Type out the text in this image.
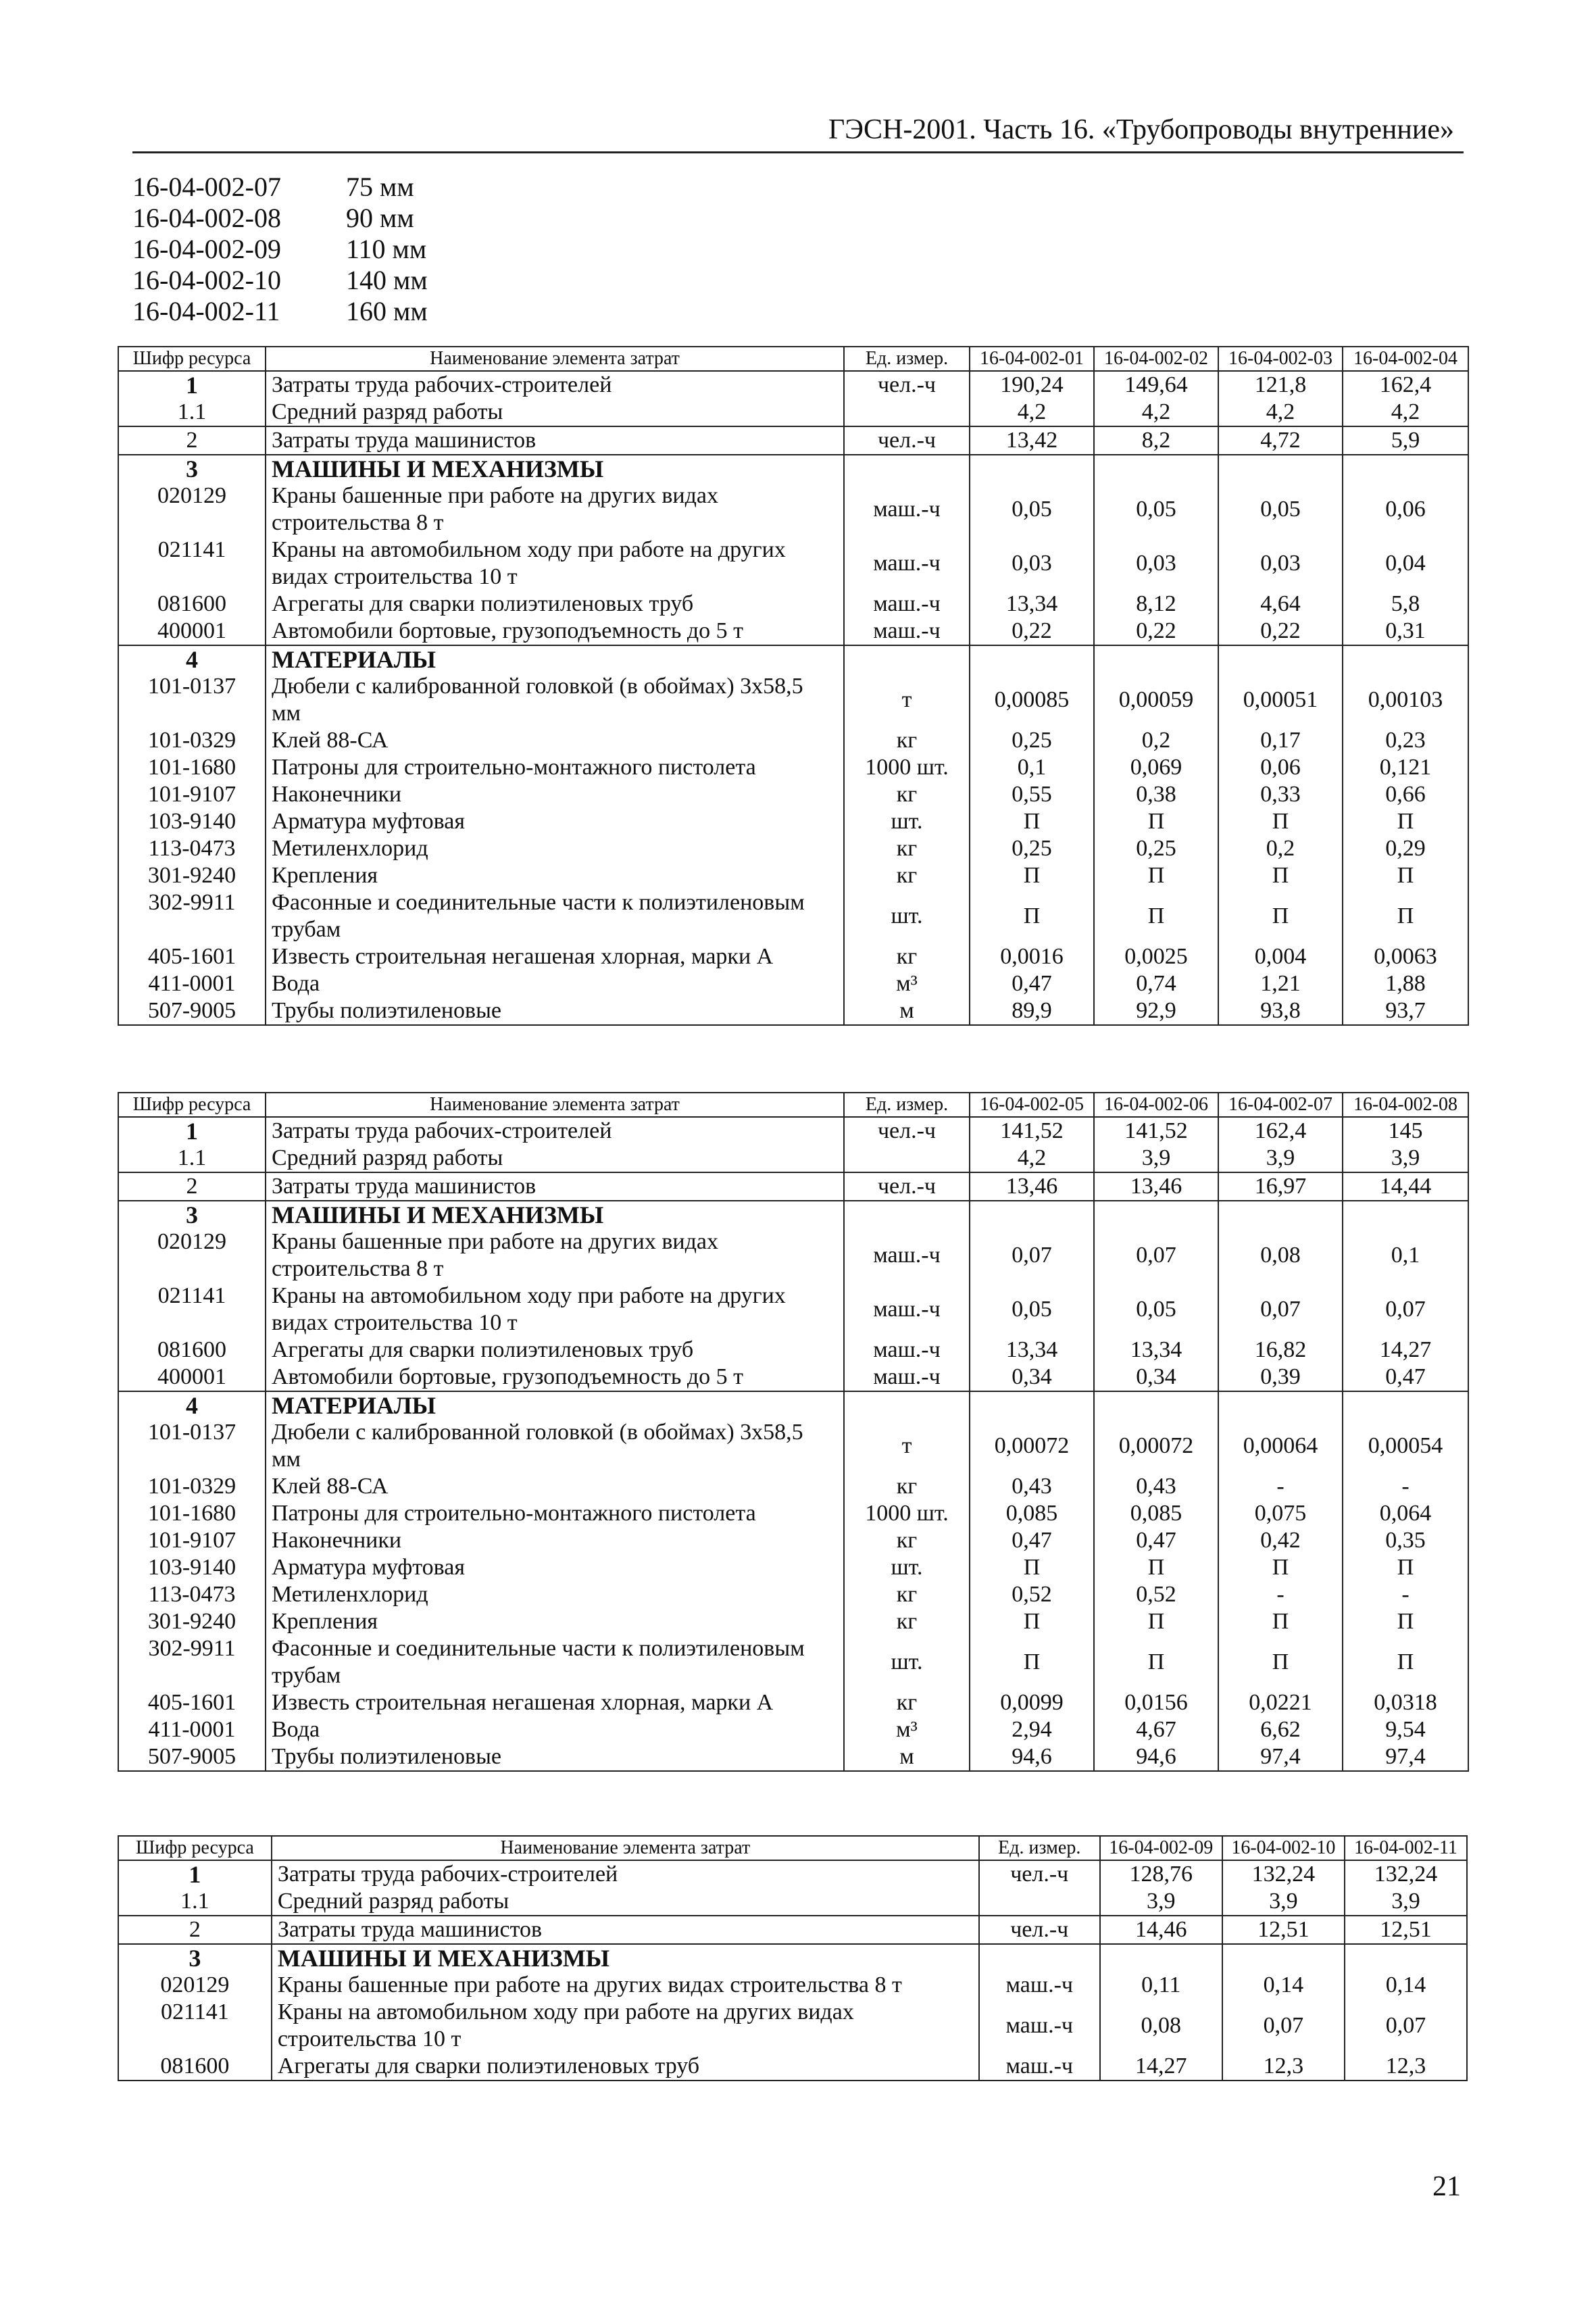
ГЭСН-2001. Часть 16. «Трубопроводы внутренние»
16-04-002-07	75 мм
16-04-002-08	90 мм
16-04-002-09	110 мм
16-04-002-10	140 мм
16-04-002-11	160 мм
Шифр ресурса	Наименование элемента затрат	Ед. измер.	16-04-002-01	16-04-002-02	16-04-002-03	16-04-002-04
1	Затраты труда рабочих-строителей	чел.-ч	190,24	149,64	121,8	162,4
1.1	Средний разряд работы		4,2	4,2	4,2	4,2
2	Затраты труда машинистов	чел.-ч	13,42	8,2	4,72	5,9
3	МАШИНЫ И МЕХАНИЗМЫ					
020129	Краны башенные при работе на других видах строительства 8 т	маш.-ч	0,05	0,05	0,05	0,06
021141	Краны на автомобильном ходу при работе на других видах строительства 10 т	маш.-ч	0,03	0,03	0,03	0,04
081600	Агрегаты для сварки полиэтиленовых труб	маш.-ч	13,34	8,12	4,64	5,8
400001	Автомобили бортовые, грузоподъемность до 5 т	маш.-ч	0,22	0,22	0,22	0,31
4	МАТЕРИАЛЫ					
101-0137	Дюбели с калиброванной головкой (в обоймах) 3х58,5 мм	т	0,00085	0,00059	0,00051	0,00103
101-0329	Клей 88-СА	кг	0,25	0,2	0,17	0,23
101-1680	Патроны для строительно-монтажного пистолета	1000 шт.	0,1	0,069	0,06	0,121
101-9107	Наконечники	кг	0,55	0,38	0,33	0,66
103-9140	Арматура муфтовая	шт.	П	П	П	П
113-0473	Метиленхлорид	кг	0,25	0,25	0,2	0,29
301-9240	Крепления	кг	П	П	П	П
302-9911	Фасонные и соединительные части к полиэтиленовым трубам	шт.	П	П	П	П
405-1601	Известь строительная негашеная хлорная, марки А	кг	0,0016	0,0025	0,004	0,0063
411-0001	Вода	м³	0,47	0,74	1,21	1,88
507-9005	Трубы полиэтиленовые	м	89,9	92,9	93,8	93,7
Шифр ресурса	Наименование элемента затрат	Ед. измер.	16-04-002-05	16-04-002-06	16-04-002-07	16-04-002-08
1	Затраты труда рабочих-строителей	чел.-ч	141,52	141,52	162,4	145
1.1	Средний разряд работы		4,2	3,9	3,9	3,9
2	Затраты труда машинистов	чел.-ч	13,46	13,46	16,97	14,44
3	МАШИНЫ И МЕХАНИЗМЫ					
020129	Краны башенные при работе на других видах строительства 8 т	маш.-ч	0,07	0,07	0,08	0,1
021141	Краны на автомобильном ходу при работе на других видах строительства 10 т	маш.-ч	0,05	0,05	0,07	0,07
081600	Агрегаты для сварки полиэтиленовых труб	маш.-ч	13,34	13,34	16,82	14,27
400001	Автомобили бортовые, грузоподъемность до 5 т	маш.-ч	0,34	0,34	0,39	0,47
4	МАТЕРИАЛЫ					
101-0137	Дюбели с калиброванной головкой (в обоймах) 3х58,5 мм	т	0,00072	0,00072	0,00064	0,00054
101-0329	Клей 88-СА	кг	0,43	0,43	-	-
101-1680	Патроны для строительно-монтажного пистолета	1000 шт.	0,085	0,085	0,075	0,064
101-9107	Наконечники	кг	0,47	0,47	0,42	0,35
103-9140	Арматура муфтовая	шт.	П	П	П	П
113-0473	Метиленхлорид	кг	0,52	0,52	-	-
301-9240	Крепления	кг	П	П	П	П
302-9911	Фасонные и соединительные части к полиэтиленовым трубам	шт.	П	П	П	П
405-1601	Известь строительная негашеная хлорная, марки А	кг	0,0099	0,0156	0,0221	0,0318
411-0001	Вода	м³	2,94	4,67	6,62	9,54
507-9005	Трубы полиэтиленовые	м	94,6	94,6	97,4	97,4
Шифр ресурса	Наименование элемента затрат	Ед. измер.	16-04-002-09	16-04-002-10	16-04-002-11
1	Затраты труда рабочих-строителей	чел.-ч	128,76	132,24	132,24
1.1	Средний разряд работы		3,9	3,9	3,9
2	Затраты труда машинистов	чел.-ч	14,46	12,51	12,51
3	МАШИНЫ И МЕХАНИЗМЫ				
020129	Краны башенные при работе на других видах строительства 8 т	маш.-ч	0,11	0,14	0,14
021141	Краны на автомобильном ходу при работе на других видах строительства 10 т	маш.-ч	0,08	0,07	0,07
081600	Агрегаты для сварки полиэтиленовых труб	маш.-ч	14,27	12,3	12,3
21
